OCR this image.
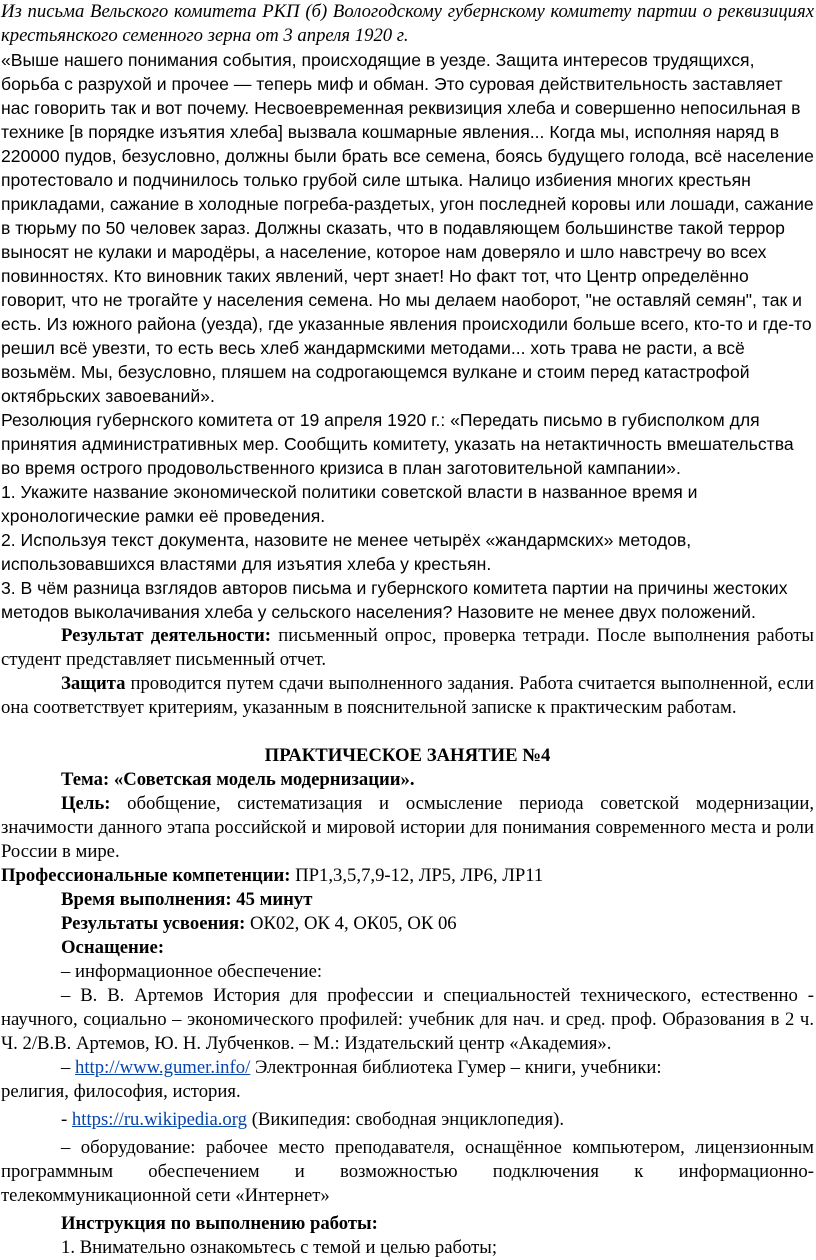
Из письма Вельского комитета РКП (б) Вологодскому губернскому комитету партии о реквизициях крестьянского семенного зерна от 3 апреля 1920 г.

«Выше нашего понимания события, происходящие в уезде. Защита интересов трудящихся, борьба с разрухой и прочее — теперь миф и обман. Это суровая действительность заставляет нас говорить так и вот почему. Несвоевременная реквизиция хлеба и совершенно непосильная в технике [в порядке изъятия хлеба] вызвала кошмарные явления... Когда мы, исполняя наряд в 220000 пудов, безусловно, должны были брать все семена, боясь будущего голода, всё население протестовало и подчинилось только грубой силе штыка. Налицо избиения многих крестьян прикладами, сажание в холодные погреба-раздетых, угон последней коровы или лошади, сажание в тюрьму по 50 человек зараз. Должны сказать, что в подавляющем большинстве такой террор выносят не кулаки и мародёры, а население, которое нам доверяло и шло навстречу во всех повинностях. Кто виновник таких явлений, черт знает! Но факт тот, что Центр определённо говорит, что не трогайте у населения семена. Но мы делаем наоборот, "не оставляй семян", так и есть. Из южного района (уезда), где указанные явления происходили больше всего, кто-то и где-то решил всё увезти, то есть весь хлеб жандармскими методами... хоть трава не расти, а всё возьмём. Мы, безусловно, пляшем на содрогающемся вулкане и стоим перед катастрофой октябрьских завоеваний».

Резолюция губернского комитета от 19 апреля 1920 г.: «Передать письмо в губисполком для принятия административных мер. Сообщить комитету, указать на нетактичность вмешательства во время острого продовольственного кризиса в план заготовительной кампании».

1. Укажите название экономической политики советской власти в названное время и хронологические рамки её проведения.

2. Используя текст документа, назовите не менее четырёх «жандармских» методов, использовавшихся властями для изъятия хлеба у крестьян.

3. В чём разница взглядов авторов письма и губернского комитета партии на причины жестоких методов выколачивания хлеба у сельского населения? Назовите не менее двух положений.

Результат деятельности: письменный опрос, проверка тетради. После выполнения работы студент представляет письменный отчет.

Защита проводится путем сдачи выполненного задания. Работа считается выполненной, если она соответствует критериям, указанным в пояснительной записке к практическим работам.

ПРАКТИЧЕСКОЕ ЗАНЯТИЕ №4

Тема: «Советская модель модернизации».

Цель: обобщение, систематизация и осмысление периода советской модернизации, значимости данного этапа российской и мировой истории для понимания современного места и роли России в мире.

Профессиональные компетенции: ПР1,3,5,7,9-12, ЛР5, ЛР6, ЛР11

Время выполнения: 45 минут

Результаты усвоения: ОК02, ОК 4, ОК05, ОК 06

Оснащение:

– информационное обеспечение:

– В. В. Артемов История для профессии и специальностей технического, естественно - научного, социально – экономического профилей: учебник для нач. и сред. проф. Образования в 2 ч. Ч. 2/В.В. Артемов, Ю. Н. Лубченков. – М.: Издательский центр «Академия».

– http://www.gumer.info/ Электронная библиотека Гумер – книги, учебники:

религия, философия, история.

- https://ru.wikipedia.org (Википедия: свободная энциклопедия).

– оборудование: рабочее место преподавателя, оснащённое компьютером, лицензионным программным обеспечением и возможностью подключения к информационно-телекоммуникационной сети «Интернет»

Инструкция по выполнению работы:

1. Внимательно ознакомьтесь с темой и целью работы;
